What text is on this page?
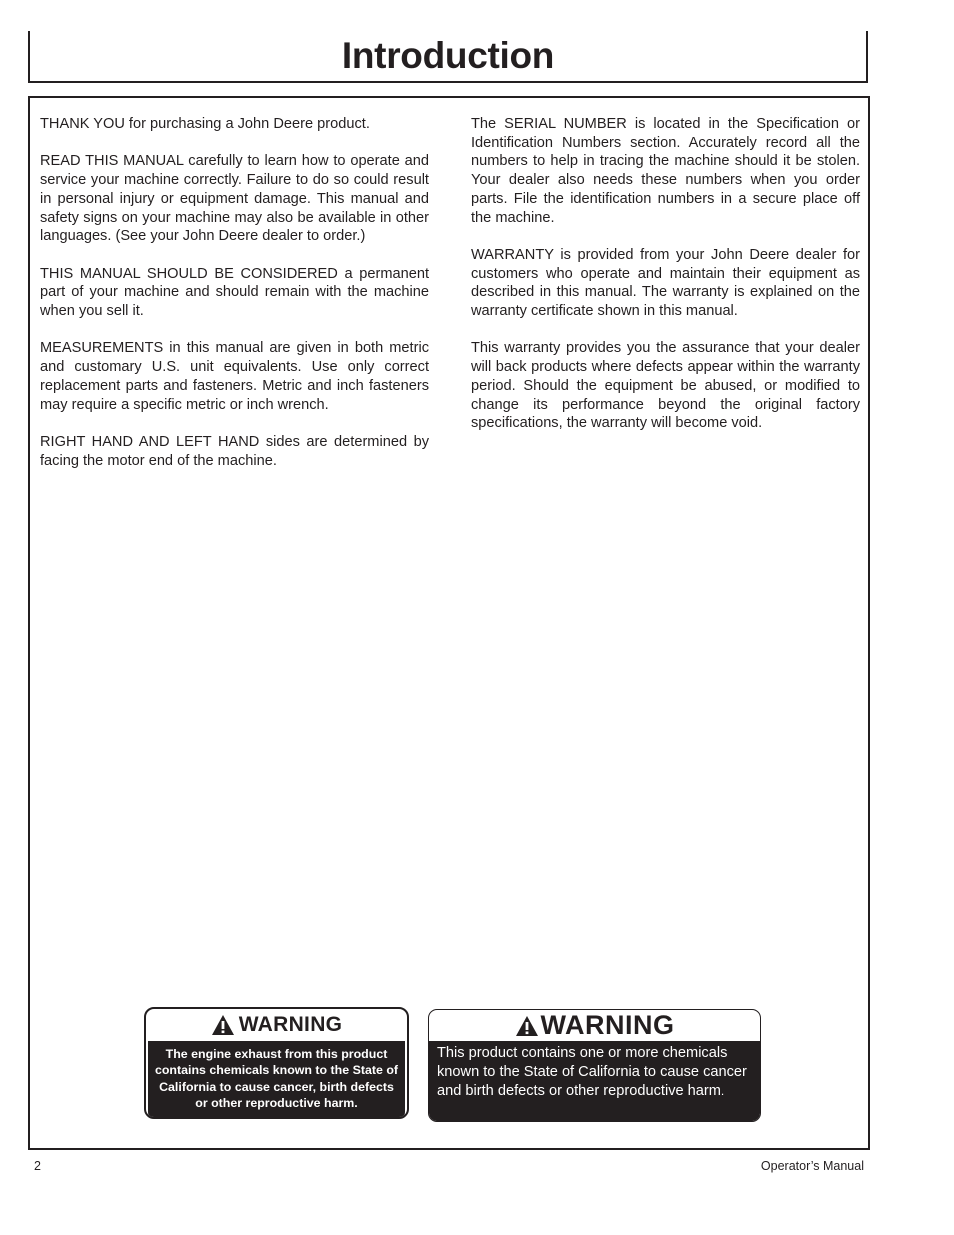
Introduction

THANK YOU for purchasing a John Deere product.

READ THIS MANUAL carefully to learn how to operate and service your machine correctly. Failure to do so could result in personal injury or equipment damage. This manual and safety signs on your machine may also be available in other languages. (See your John Deere dealer to order.)

THIS MANUAL SHOULD BE CONSIDERED a permanent part of your machine and should remain with the machine when you sell it.

MEASUREMENTS in this manual are given in both metric and customary U.S. unit equivalents. Use only correct replacement parts and fasteners. Metric and inch fasteners may require a specific metric or inch wrench.

RIGHT HAND AND LEFT HAND sides are determined by facing the motor end of the machine.

The SERIAL NUMBER is located in the Specification or Identification Numbers section. Accurately record all the numbers to help in tracing the machine should it be stolen. Your dealer also needs these numbers when you order parts. File the identification numbers in a secure place off the machine.

WARRANTY is provided from your John Deere dealer for customers who operate and maintain their equipment as described in this manual. The warranty is explained on the warranty certificate shown in this manual.

This warranty provides you the assurance that your dealer will back products where defects appear within the warranty period. Should the equipment be abused, or modified to change its performance beyond the original factory specifications, the warranty will become void.

WARNING
The engine exhaust from this product contains chemicals known to the State of California to cause cancer, birth defects or other reproductive harm.
WARNING
This product contains one or more chemicals known to the State of California to cause cancer and birth defects or other reproductive harm.
2	Operator’s Manual
